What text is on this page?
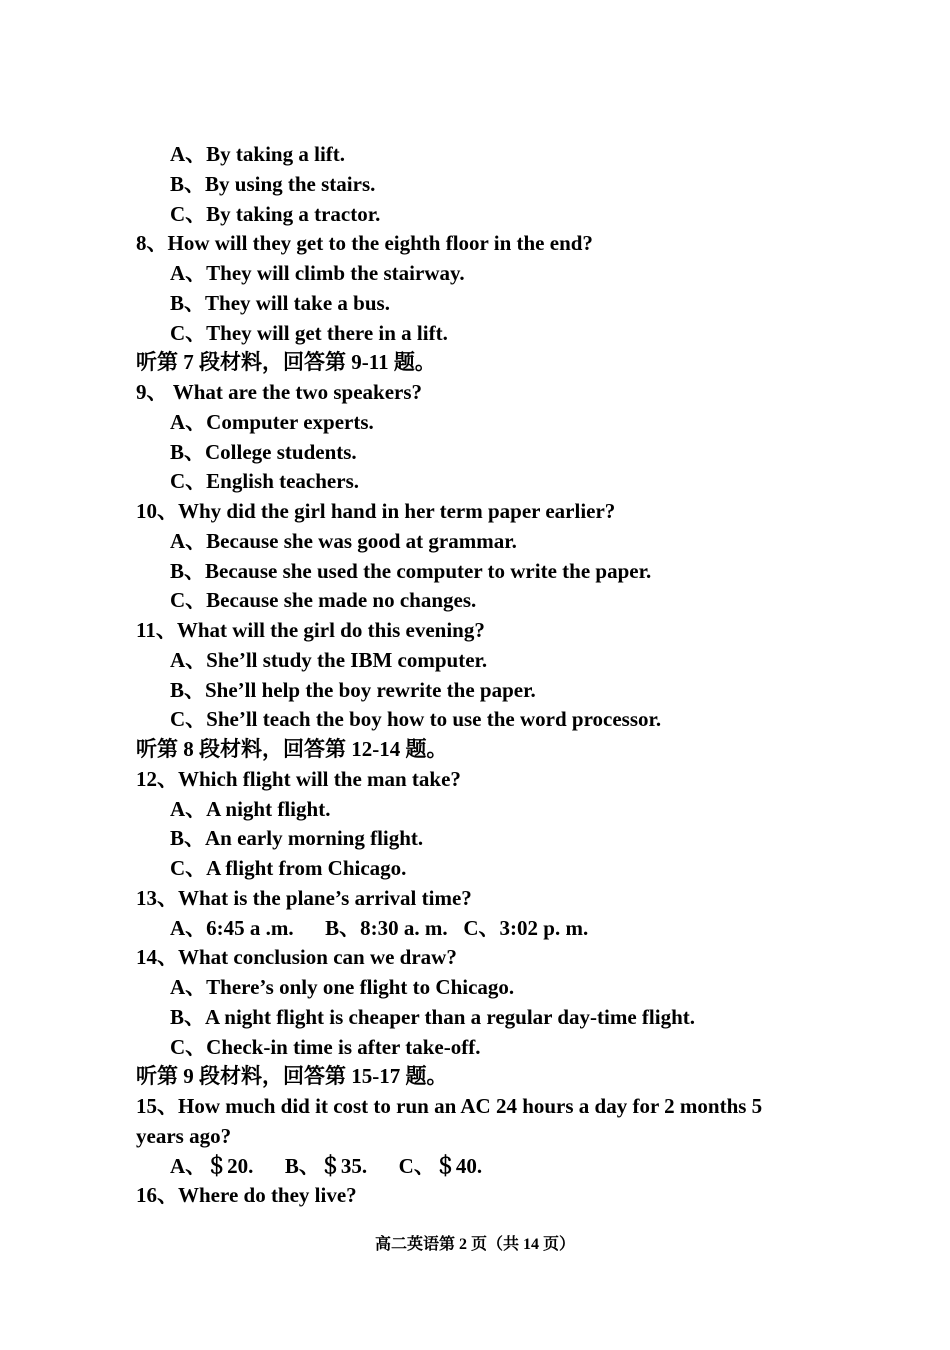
A、By taking a lift.
B、By using the stairs.
C、By taking a tractor.
8、How will they get to the eighth floor in the end?
A、They will climb the stairway.
B、They will take a bus.
C、They will get there in a lift.
听第 7 段材料，回答第 9-11 题。
9、 What are the two speakers?
A、Computer experts.
B、College students.
C、English teachers.
10、Why did the girl hand in her term paper earlier?
A、Because she was good at grammar.
B、Because she used the computer to write the paper.
C、Because she made no changes.
11、What will the girl do this evening?
A、She’ll study the IBM computer.
B、She’ll help the boy rewrite the paper.
C、She’ll teach the boy how to use the word processor.
听第 8 段材料，回答第 12-14 题。
12、Which flight will the man take?
A、A night flight.
B、An early morning flight.
C、A flight from Chicago.
13、What is the plane’s arrival time?
A、6:45 a .m.      B、8:30 a. m.   C、3:02 p. m.
14、What conclusion can we draw?
A、There’s only one flight to Chicago.
B、A night flight is cheaper than a regular day-time flight.
C、Check-in time is after take-off.
听第 9 段材料，回答第 15-17 题。
15、How much did it cost to run an AC 24 hours a day for 2 months 5
years ago?
A、＄20.      B、＄35.      C、＄40.
16、Where do they live?
高二英语第 2 页（共 14 页）
